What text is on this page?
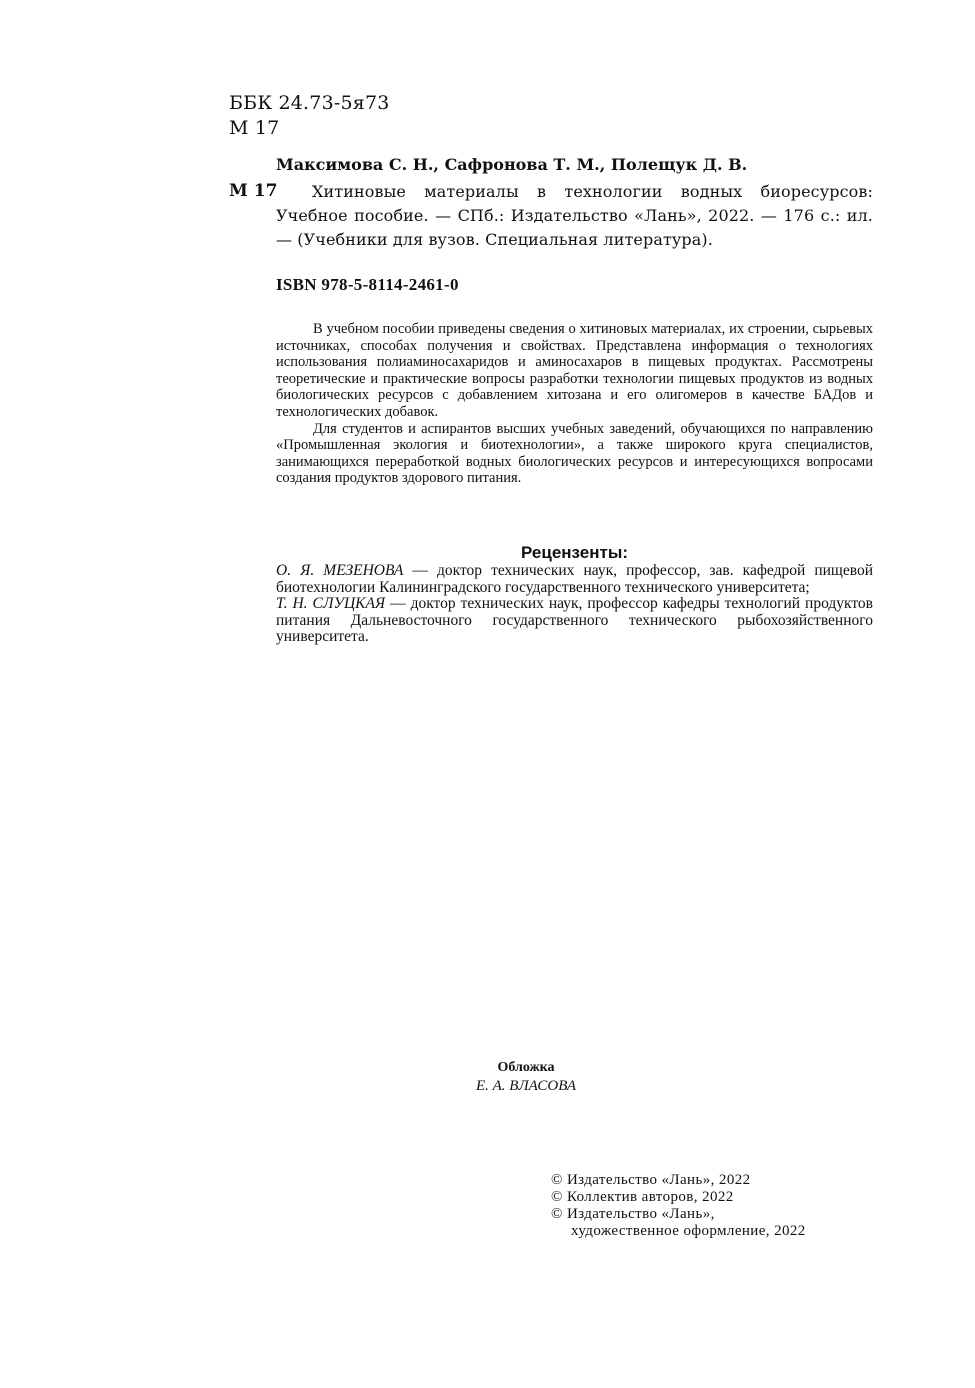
ББК 24.73-5я73
М 17
Максимова С. Н., Сафронова Т. М., Полещук Д. В.
М 17	Хитиновые материалы в технологии водных биоресурсов: Учебное пособие. — СПб.: Издательство «Лань», 2022. — 176 с.: ил. — (Учебники для вузов. Специальная литература).

ISBN 978-5-8114-2461-0

В учебном пособии приведены сведения о хитиновых материалах, их строении, сырьевых источниках, способах получения и свойствах. Представлена информация о технологиях использования полиаминосахаридов и аминосахаров в пищевых продуктах. Рассмотрены теоретические и практические вопросы разработки технологии пищевых продуктов из водных биологических ресурсов с добавлением хитозана и его олигомеров в качестве БАДов и технологических добавок.

Для студентов и аспирантов высших учебных заведений, обучающихся по направлению «Промышленная экология и биотехнологии», а также широкого круга специалистов, занимающихся переработкой водных биологических ресурсов и интересующихся вопросами создания продуктов здорового питания.

Рецензенты:

О. Я. МЕЗЕНОВА — доктор технических наук, профессор, зав. кафедрой пищевой биотехнологии Калининградского государственного технического университета;

Т. Н. СЛУЦКАЯ — доктор технических наук, профессор кафедры технологий продуктов питания Дальневосточного государственного технического рыбохозяйственного университета.

Обложка
Е. А. ВЛАСОВА
© Издательство «Лань», 2022
© Коллектив авторов, 2022
© Издательство «Лань»,
художественное оформление, 2022
